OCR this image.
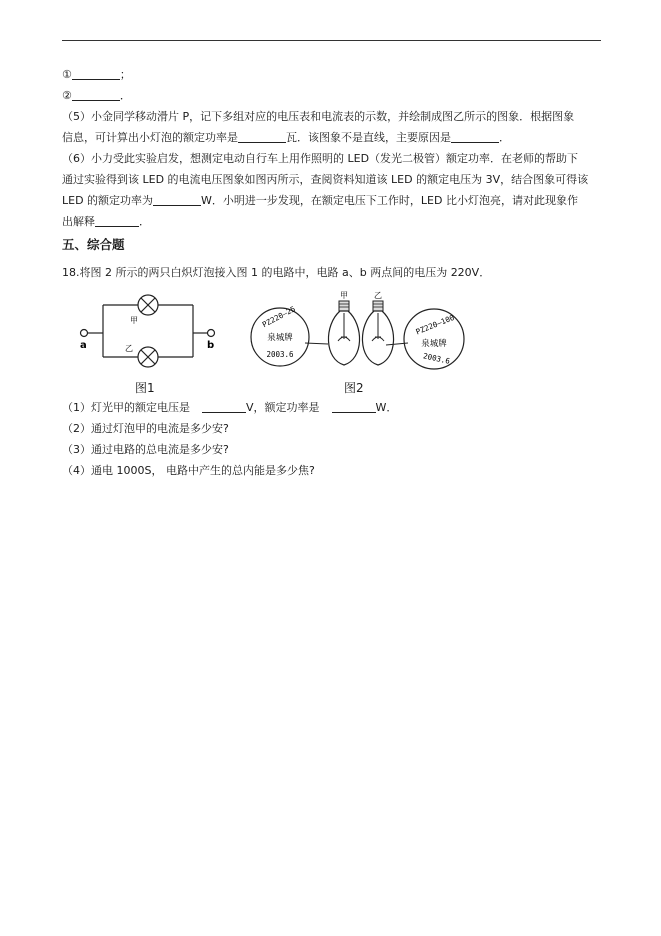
①	；
②	．
（5）小金同学移动滑片 P，记下多组对应的电压表和电流表的示数，并绘制成图乙所示的图象．根据图象
信息，可计算出小灯泡的额定功率是	瓦．该图象不是直线，主要原因是	．
（6）小力受此实验启发，想测定电动自行车上用作照明的 LED（发光二极管）额定功率．在老师的帮助下
通过实验得到该 LED 的电流电压图象如图丙所示，查阅资料知道该 LED 的额定电压为 3V，结合图象可得该
LED 的额定功率为	W．小明进一步发现，在额定电压下工作时，LED 比小灯泡亮，请对此现象作
出解释	．
五、综合题
18.将图 2 所示的两只白炽灯泡接入图 1 的电路中，电路 a、b 两点间的电压为 220V．
甲
乙
a	b
图1
PZ220—25
泉城牌
2003.6
甲	乙
PZ220—100
泉城牌
2003.6
图2
（1）灯光甲的额定电压是	V，额定功率是	W．
（2）通过灯泡甲的电流是多少安?
（3）通过电路的总电流是多少安?
（4）通电 1000S， 电路中产生的总内能是多少焦?
